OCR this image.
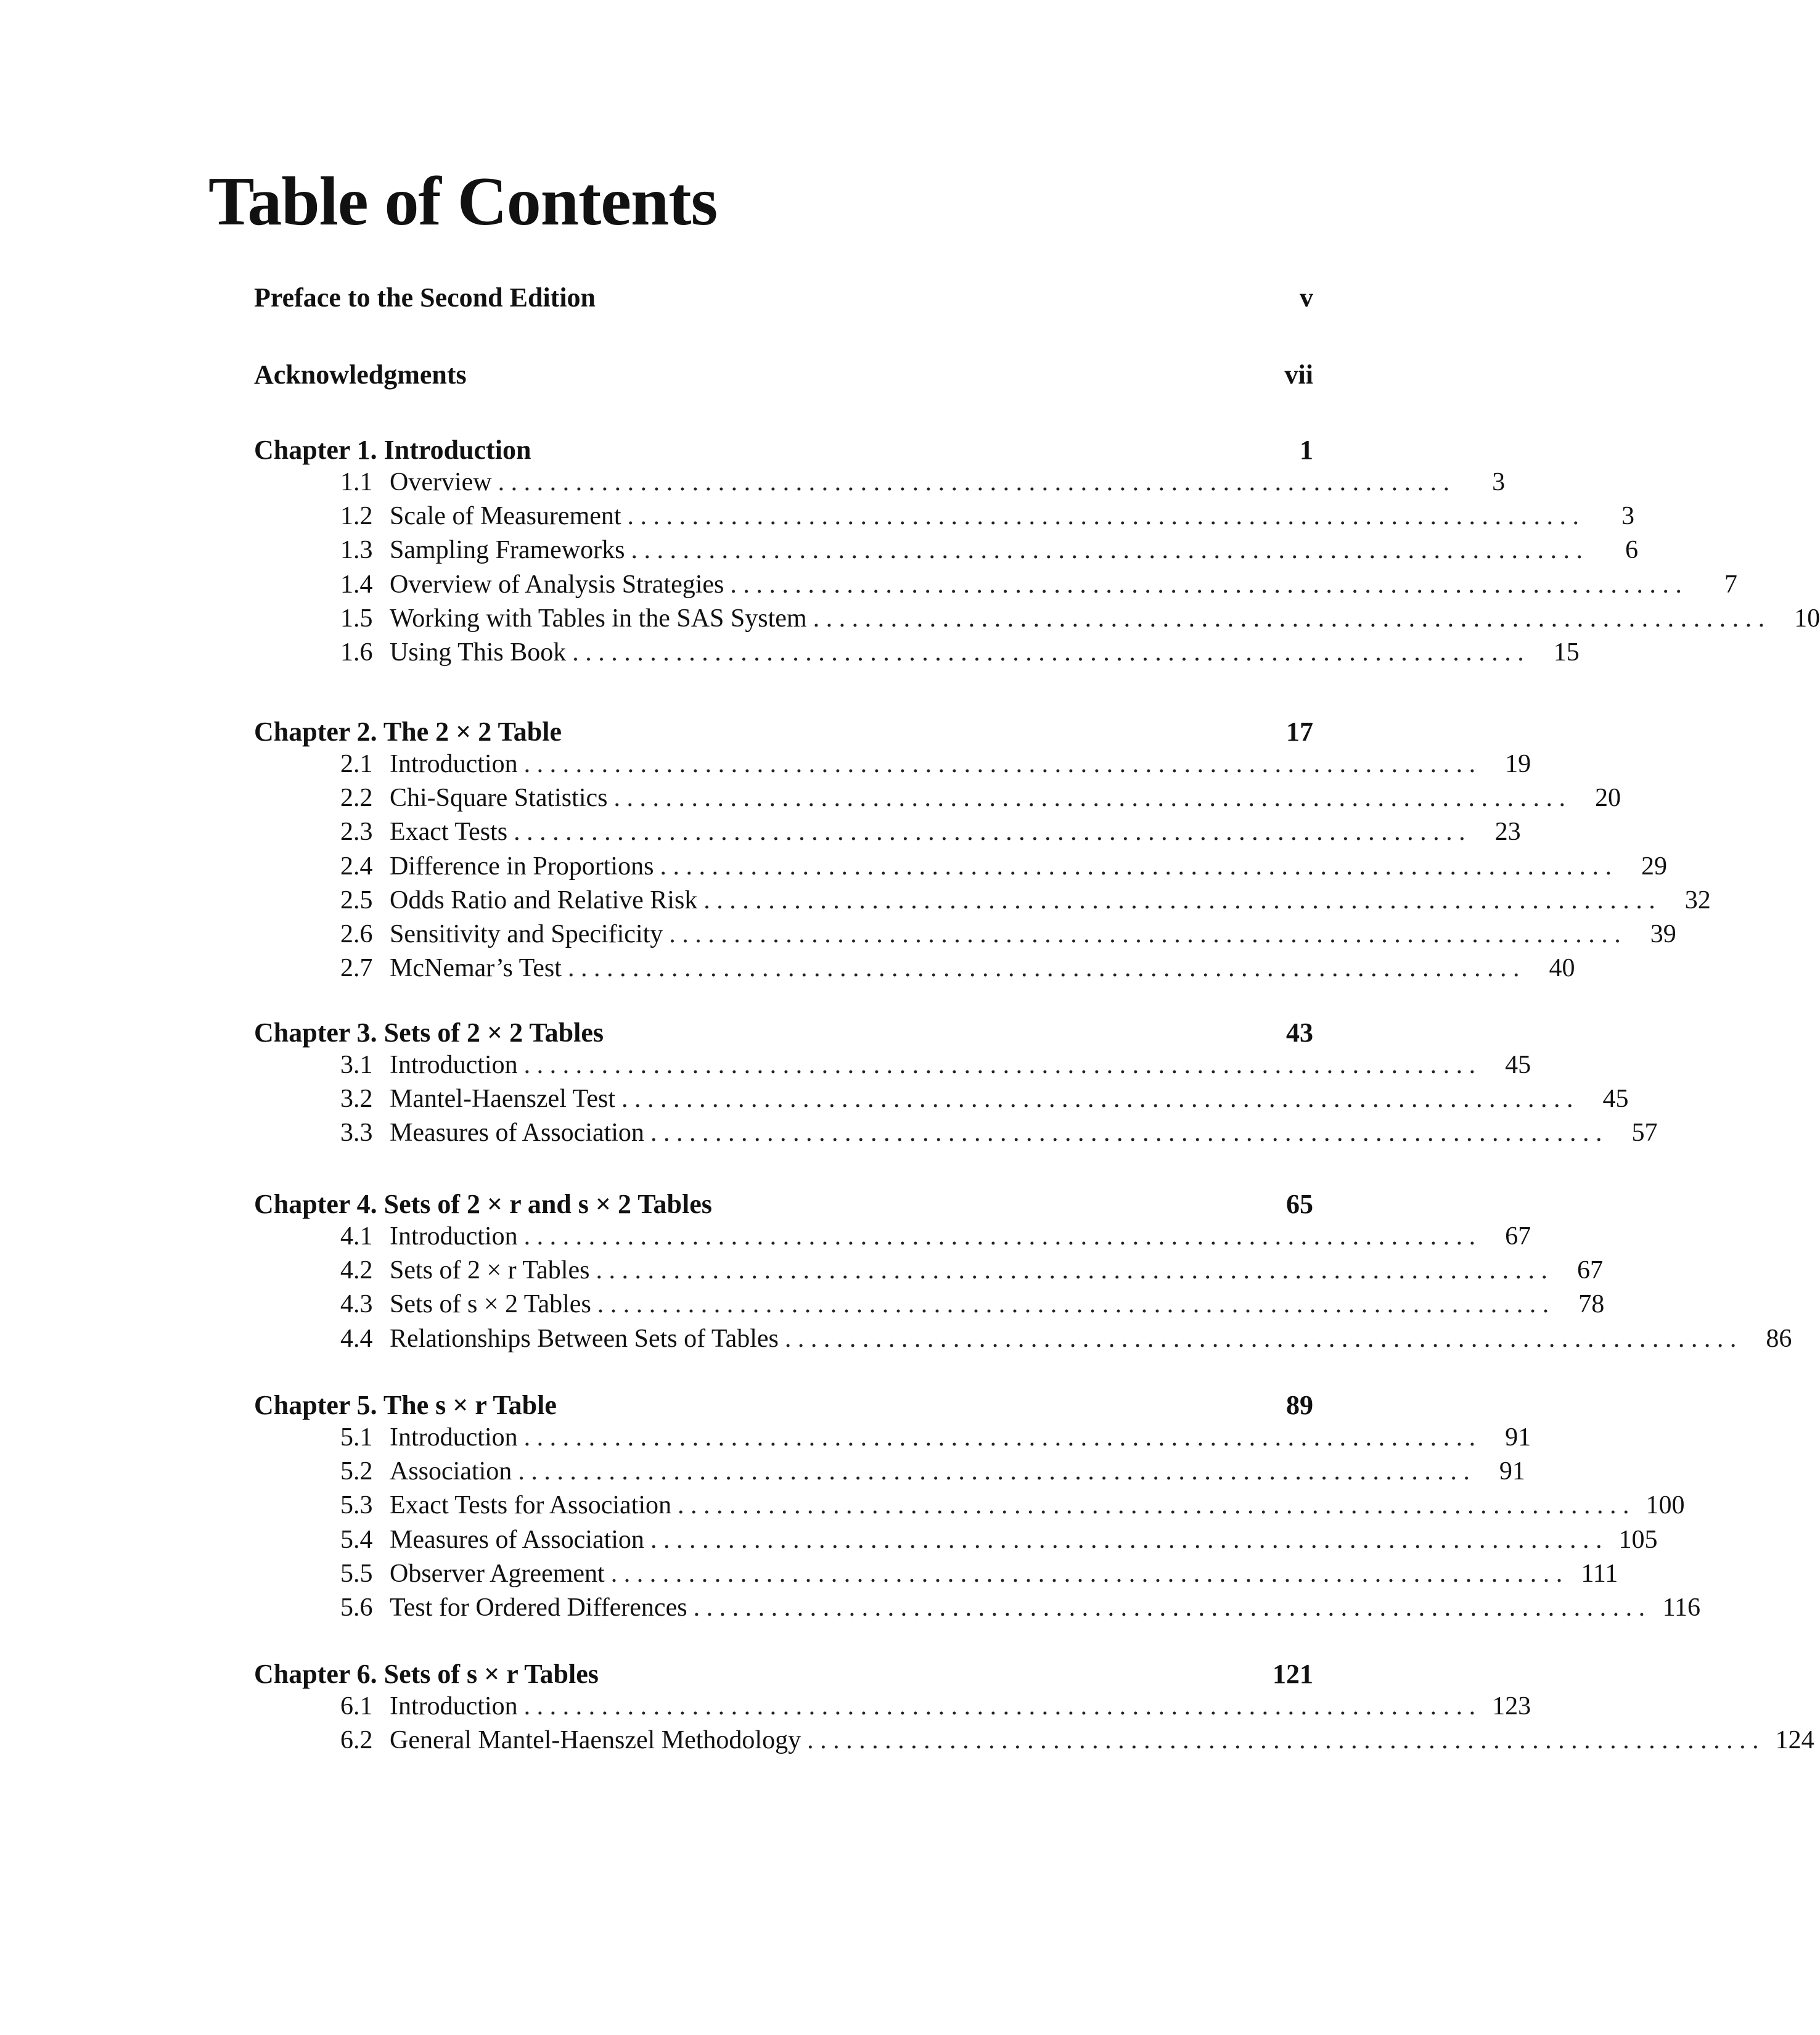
Table of Contents
Preface to the Second Edition	v
Acknowledgments	vii
Chapter 1. Introduction	1
1.1 Overview . . . . . . . . . . . . . . . . . . . . . . . . . . . . . . . . . . . . . . . . . . . . . . . . . . . . . . . . . . . . . . . . . . . . . . . . . .	3
1.2 Scale of Measurement . . . . . . . . . . . . . . . . . . . . . . . . . . . . . . . . . . . . . . . . . . . . . . . . . . . . . . . . . . . . . . . . . . . . . . . . . .	3
1.3 Sampling Frameworks . . . . . . . . . . . . . . . . . . . . . . . . . . . . . . . . . . . . . . . . . . . . . . . . . . . . . . . . . . . . . . . . . . . . . . . . . .	6
1.4 Overview of Analysis Strategies . . . . . . . . . . . . . . . . . . . . . . . . . . . . . . . . . . . . . . . . . . . . . . . . . . . . . . . . . . . . . . . . . . . . . . . . . .	7
1.5 Working with Tables in the SAS System . . . . . . . . . . . . . . . . . . . . . . . . . . . . . . . . . . . . . . . . . . . . . . . . . . . . . . . . . . . . . . . . . . . . . . . . . .	10
1.6 Using This Book . . . . . . . . . . . . . . . . . . . . . . . . . . . . . . . . . . . . . . . . . . . . . . . . . . . . . . . . . . . . . . . . . . . . . . . . . .	15
Chapter 2. The 2 × 2 Table	17
2.1 Introduction . . . . . . . . . . . . . . . . . . . . . . . . . . . . . . . . . . . . . . . . . . . . . . . . . . . . . . . . . . . . . . . . . . . . . . . . . .	19
2.2 Chi-Square Statistics . . . . . . . . . . . . . . . . . . . . . . . . . . . . . . . . . . . . . . . . . . . . . . . . . . . . . . . . . . . . . . . . . . . . . . . . . .	20
2.3 Exact Tests . . . . . . . . . . . . . . . . . . . . . . . . . . . . . . . . . . . . . . . . . . . . . . . . . . . . . . . . . . . . . . . . . . . . . . . . . .	23
2.4 Difference in Proportions . . . . . . . . . . . . . . . . . . . . . . . . . . . . . . . . . . . . . . . . . . . . . . . . . . . . . . . . . . . . . . . . . . . . . . . . . .	29
2.5 Odds Ratio and Relative Risk . . . . . . . . . . . . . . . . . . . . . . . . . . . . . . . . . . . . . . . . . . . . . . . . . . . . . . . . . . . . . . . . . . . . . . . . . .	32
2.6 Sensitivity and Specificity . . . . . . . . . . . . . . . . . . . . . . . . . . . . . . . . . . . . . . . . . . . . . . . . . . . . . . . . . . . . . . . . . . . . . . . . . .	39
2.7 McNemar’s Test . . . . . . . . . . . . . . . . . . . . . . . . . . . . . . . . . . . . . . . . . . . . . . . . . . . . . . . . . . . . . . . . . . . . . . . . . .	40
Chapter 3. Sets of 2 × 2 Tables	43
3.1 Introduction . . . . . . . . . . . . . . . . . . . . . . . . . . . . . . . . . . . . . . . . . . . . . . . . . . . . . . . . . . . . . . . . . . . . . . . . . .	45
3.2 Mantel-Haenszel Test . . . . . . . . . . . . . . . . . . . . . . . . . . . . . . . . . . . . . . . . . . . . . . . . . . . . . . . . . . . . . . . . . . . . . . . . . .	45
3.3 Measures of Association . . . . . . . . . . . . . . . . . . . . . . . . . . . . . . . . . . . . . . . . . . . . . . . . . . . . . . . . . . . . . . . . . . . . . . . . . .	57
Chapter 4. Sets of 2 × r and s × 2 Tables	65
4.1 Introduction . . . . . . . . . . . . . . . . . . . . . . . . . . . . . . . . . . . . . . . . . . . . . . . . . . . . . . . . . . . . . . . . . . . . . . . . . .	67
4.2 Sets of 2 × r Tables . . . . . . . . . . . . . . . . . . . . . . . . . . . . . . . . . . . . . . . . . . . . . . . . . . . . . . . . . . . . . . . . . . . . . . . . . .	67
4.3 Sets of s × 2 Tables . . . . . . . . . . . . . . . . . . . . . . . . . . . . . . . . . . . . . . . . . . . . . . . . . . . . . . . . . . . . . . . . . . . . . . . . . .	78
4.4 Relationships Between Sets of Tables . . . . . . . . . . . . . . . . . . . . . . . . . . . . . . . . . . . . . . . . . . . . . . . . . . . . . . . . . . . . . . . . . . . . . . . . . .	86
Chapter 5. The s × r Table	89
5.1 Introduction . . . . . . . . . . . . . . . . . . . . . . . . . . . . . . . . . . . . . . . . . . . . . . . . . . . . . . . . . . . . . . . . . . . . . . . . . .	91
5.2 Association . . . . . . . . . . . . . . . . . . . . . . . . . . . . . . . . . . . . . . . . . . . . . . . . . . . . . . . . . . . . . . . . . . . . . . . . . .	91
5.3 Exact Tests for Association . . . . . . . . . . . . . . . . . . . . . . . . . . . . . . . . . . . . . . . . . . . . . . . . . . . . . . . . . . . . . . . . . . . . . . . . . . 100
5.4 Measures of Association . . . . . . . . . . . . . . . . . . . . . . . . . . . . . . . . . . . . . . . . . . . . . . . . . . . . . . . . . . . . . . . . . . . . . . . . . . 105
5.5 Observer Agreement . . . . . . . . . . . . . . . . . . . . . . . . . . . . . . . . . . . . . . . . . . . . . . . . . . . . . . . . . . . . . . . . . . . . . . . . . . 111
5.6 Test for Ordered Differences . . . . . . . . . . . . . . . . . . . . . . . . . . . . . . . . . . . . . . . . . . . . . . . . . . . . . . . . . . . . . . . . . . . . . . . . . . 116
Chapter 6. Sets of s × r Tables	121
6.1 Introduction . . . . . . . . . . . . . . . . . . . . . . . . . . . . . . . . . . . . . . . . . . . . . . . . . . . . . . . . . . . . . . . . . . . . . . . . . . 123
6.2 General Mantel-Haenszel Methodology . . . . . . . . . . . . . . . . . . . . . . . . . . . . . . . . . . . . . . . . . . . . . . . . . . . . . . . . . . . . . . . . . . . . . . . . . . 124
